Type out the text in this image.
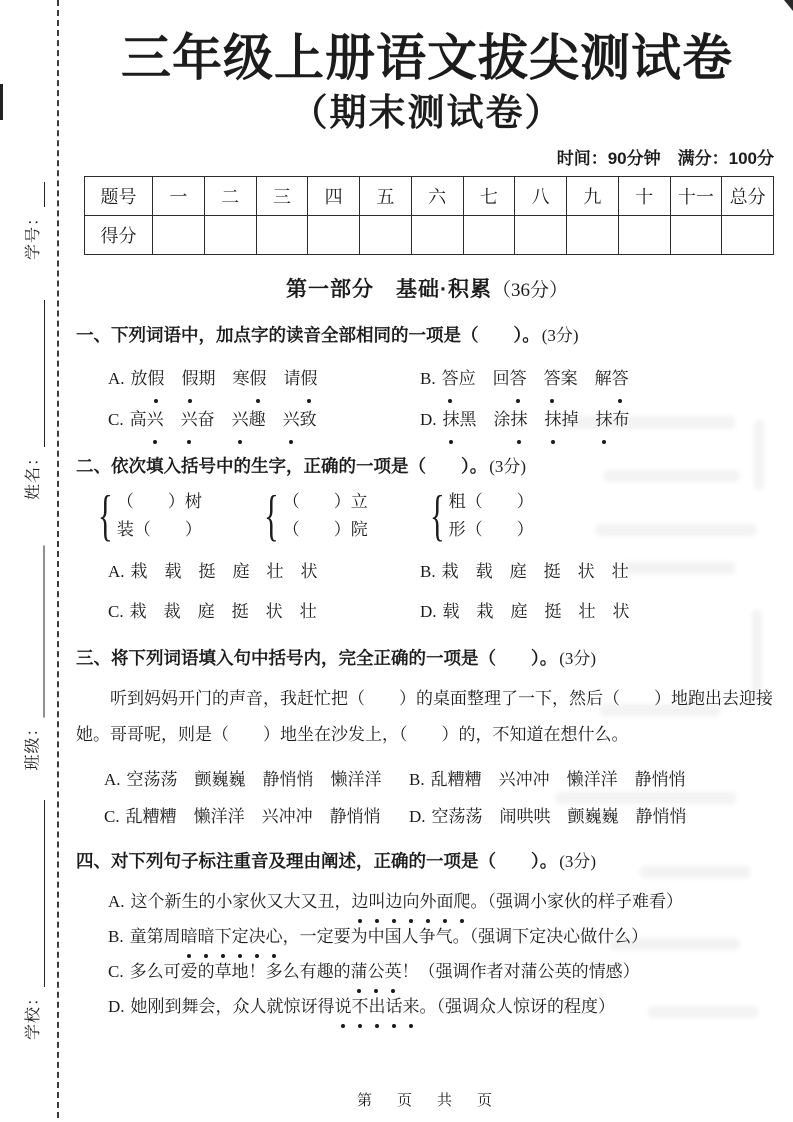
学号：
姓名：
班级：
学校：
三年级上册语文拔尖测试卷
（期末测试卷）
时间：90分钟　满分：100分
题号	一	二	三	四	五	六	七	八	九	十	十一	总分
得分												
第一部分　基础·积累（36分）
一、下列词语中，加点字的读音全部相同的一项是（　　）。 (3分)
A. 放假　 假期　寒假　请假	B. 答应　回答　 答案　解答
C. 高兴　 兴奋　兴趣　兴致	D. 抹黑　涂抹　 抹掉　抹布
二、依次填入括号中的生字，正确的一项是（　　）。 (3分)
{ （　　）树
装（　　） { （　　）立
（　　）院 { 粗（　　）
形（　　）
A. 栽　载　挺　庭　壮　状	B. 栽　载　庭　挺　状　壮
C. 栽　裁　庭　挺　状　壮	D. 载　栽　庭　挺　壮　状
三、将下列词语填入句中括号内，完全正确的一项是（　　）。 (3分)

听到妈妈开门的声音，我赶忙把（　　）的桌面整理了一下，然后（　　）地跑出去迎接她。哥哥呢，则是（　　）地坐在沙发上，（　　）的，不知道在想什么。

A. 空荡荡　颤巍巍　静悄悄　懒洋洋	B. 乱糟糟　兴冲冲　懒洋洋　静悄悄
C. 乱糟糟　懒洋洋　兴冲冲　静悄悄	D. 空荡荡　闹哄哄　颤巍巍　静悄悄
四、对下列句子标注重音及理由阐述，正确的一项是（　　）。 (3分)
A. 这个新生的小家伙又大又丑，边叫边向外面爬。（强调小家伙的样子难看）
B. 童第周暗暗下定决心，一定要为中国人争气。（强调下定决心做什么）
C. 多么可爱的草地！多么有趣的蒲公英！（强调作者对蒲公英的情感）
D. 她刚到舞会，众人就惊讶得说不出话来。（强调众人惊讶的程度）
第　页　共　页
